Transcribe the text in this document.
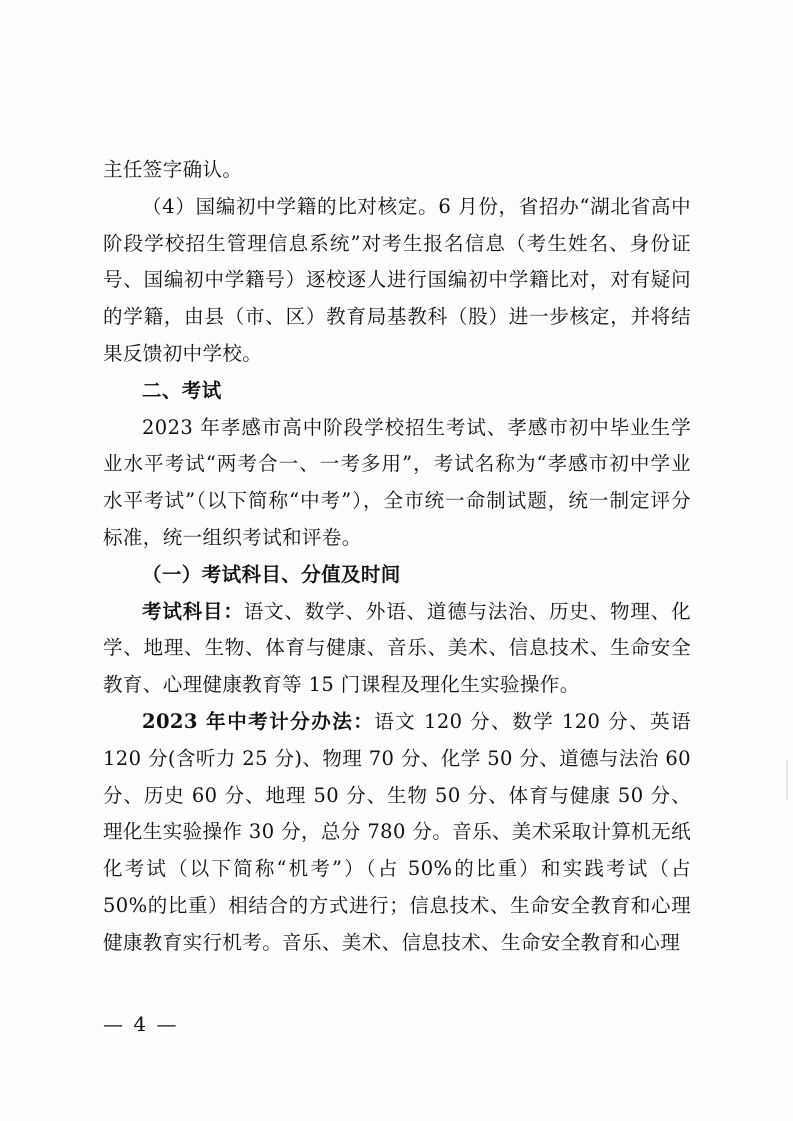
主任签字确认。

（4）国编初中学籍的比对核定。6 月份，省招办“湖北省高中阶段学校招生管理信息系统”对考生报名信息（考生姓名、身份证号、国编初中学籍号）逐校逐人进行国编初中学籍比对，对有疑问的学籍，由县（市、区）教育局基教科（股）进一步核定，并将结果反馈初中学校。

二、考试

2023 年孝感市高中阶段学校招生考试、孝感市初中毕业生学业水平考试“两考合一、一考多用”，考试名称为“孝感市初中学业水平考试”（以下简称“中考”），全市统一命制试题，统一制定评分标准，统一组织考试和评卷。

（一）考试科目、分值及时间

考试科目：语文、数学、外语、道德与法治、历史、物理、化学、地理、生物、体育与健康、音乐、美术、信息技术、生命安全教育、心理健康教育等 15 门课程及理化生实验操作。

2023 年中考计分办法：语文 120 分、数学 120 分、英语 120 分(含听力 25 分)、物理 70 分、化学 50 分、道德与法治 60 分、历史 60 分、地理 50 分、生物 50 分、体育与健康 50 分、理化生实验操作 30 分，总分 780 分。音乐、美术采取计算机无纸化考试（以下简称“机考”）（占 50%的比重）和实践考试（占 50%的比重）相结合的方式进行；信息技术、生命安全教育和心理健康教育实行机考。音乐、美术、信息技术、生命安全教育和心理

— 4 —
